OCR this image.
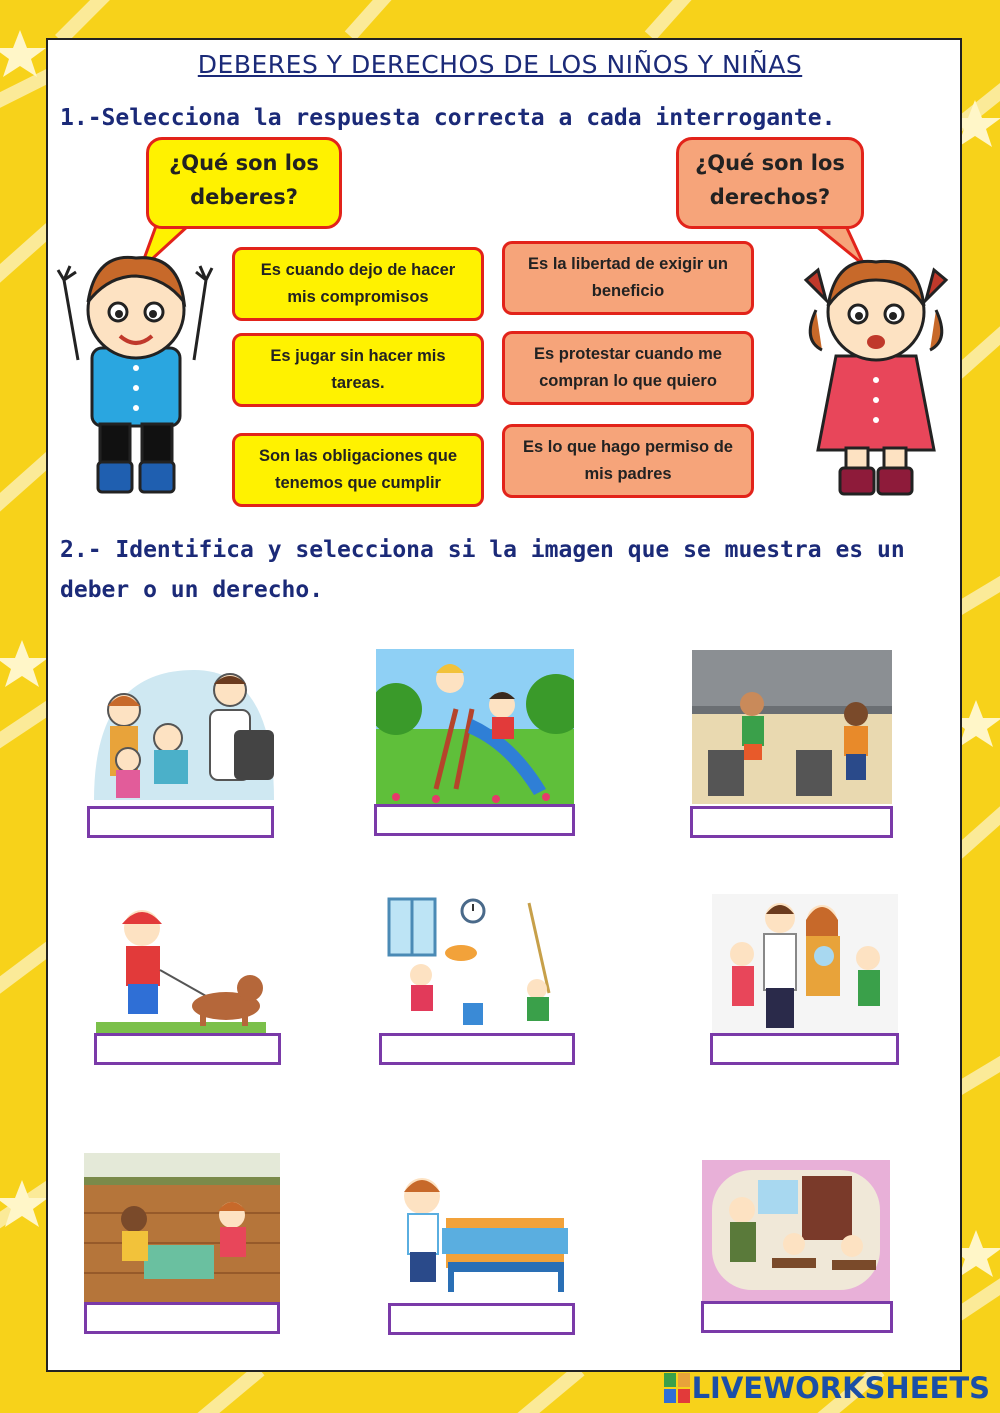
DEBERES Y DERECHOS DE LOS NIÑOS Y NIÑAS
1.-Selecciona la respuesta correcta a cada interrogante.
¿Qué son los
deberes?
¿Qué son los
derechos?
Es cuando dejo de hacer mis compromisos
Es jugar sin hacer mis tareas.
Son las obligaciones que tenemos que cumplir
Es la libertad de exigir un beneficio
Es protestar cuando me compran lo que quiero
Es lo que hago permiso de mis padres
2.- Identifica y selecciona si la imagen que se muestra es un
deber o un derecho.
LIVEWORKSHEETS
